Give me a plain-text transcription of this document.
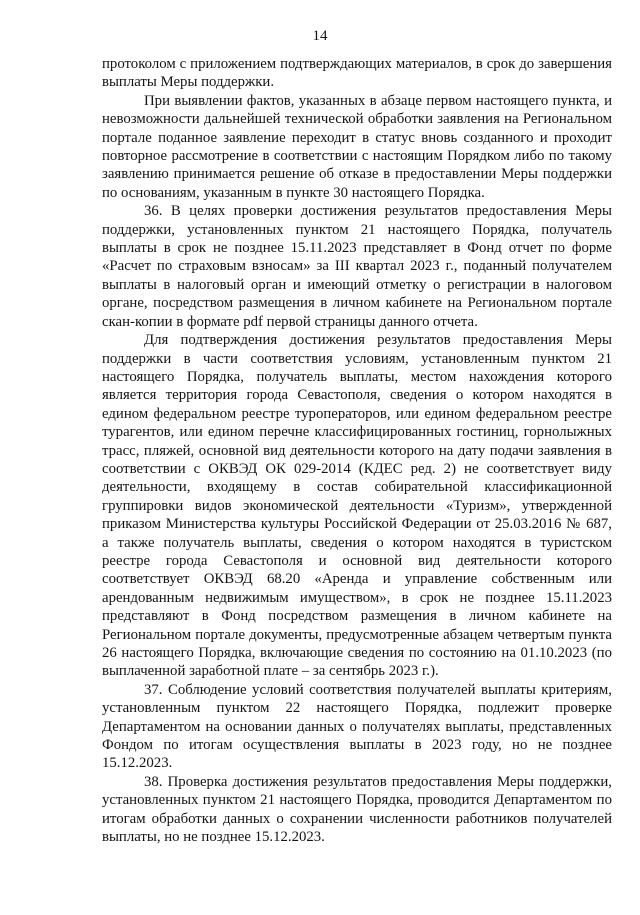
14

протоколом с приложением подтверждающих материалов, в срок до завершения выплаты Меры поддержки.

При выявлении фактов, указанных в абзаце первом настоящего пункта, и невозможности дальнейшей технической обработки заявления на Региональном портале поданное заявление переходит в статус вновь созданного и проходит повторное рассмотрение в соответствии с настоящим Порядком либо по такому заявлению принимается решение об отказе в предоставлении Меры поддержки по основаниям, указанным в пункте 30 настоящего Порядка.

36. В целях проверки достижения результатов предоставления Меры поддержки, установленных пунктом 21 настоящего Порядка, получатель выплаты в срок не позднее 15.11.2023 представляет в Фонд отчет по форме «Расчет по страховым взносам» за III квартал 2023 г., поданный получателем выплаты в налоговый орган и имеющий отметку о регистрации в налоговом органе, посредством размещения в личном кабинете на Региональном портале скан-копии в формате pdf первой страницы данного отчета.

Для подтверждения достижения результатов предоставления Меры поддержки в части соответствия условиям, установленным пунктом 21 настоящего Порядка, получатель выплаты, местом нахождения которого является территория города Севастополя, сведения о котором находятся в едином федеральном реестре туроператоров, или едином федеральном реестре турагентов, или едином перечне классифицированных гостиниц, горнолыжных трасс, пляжей, основной вид деятельности которого на дату подачи заявления в соответствии с ОКВЭД ОК 029-2014 (КДЕС ред. 2) не соответствует виду деятельности, входящему в состав собирательной классификационной группировки видов экономической деятельности «Туризм», утвержденной приказом Министерства культуры Российской Федерации от 25.03.2016 № 687, а также получатель выплаты, сведения о котором находятся в туристском реестре города Севастополя и основной вид деятельности которого соответствует ОКВЭД 68.20 «Аренда и управление собственным или арендованным недвижимым имуществом», в срок не позднее 15.11.2023 представляют в Фонд посредством размещения в личном кабинете на Региональном портале документы, предусмотренные абзацем четвертым пункта 26 настоящего Порядка, включающие сведения по состоянию на 01.10.2023 (по выплаченной заработной плате – за сентябрь 2023 г.).

37. Соблюдение условий соответствия получателей выплаты критериям, установленным пунктом 22 настоящего Порядка, подлежит проверке Департаментом на основании данных о получателях выплаты, представленных Фондом по итогам осуществления выплаты в 2023 году, но не позднее 15.12.2023.

38. Проверка достижения результатов предоставления Меры поддержки, установленных пунктом 21 настоящего Порядка, проводится Департаментом по итогам обработки данных о сохранении численности работников получателей выплаты, но не позднее 15.12.2023.
